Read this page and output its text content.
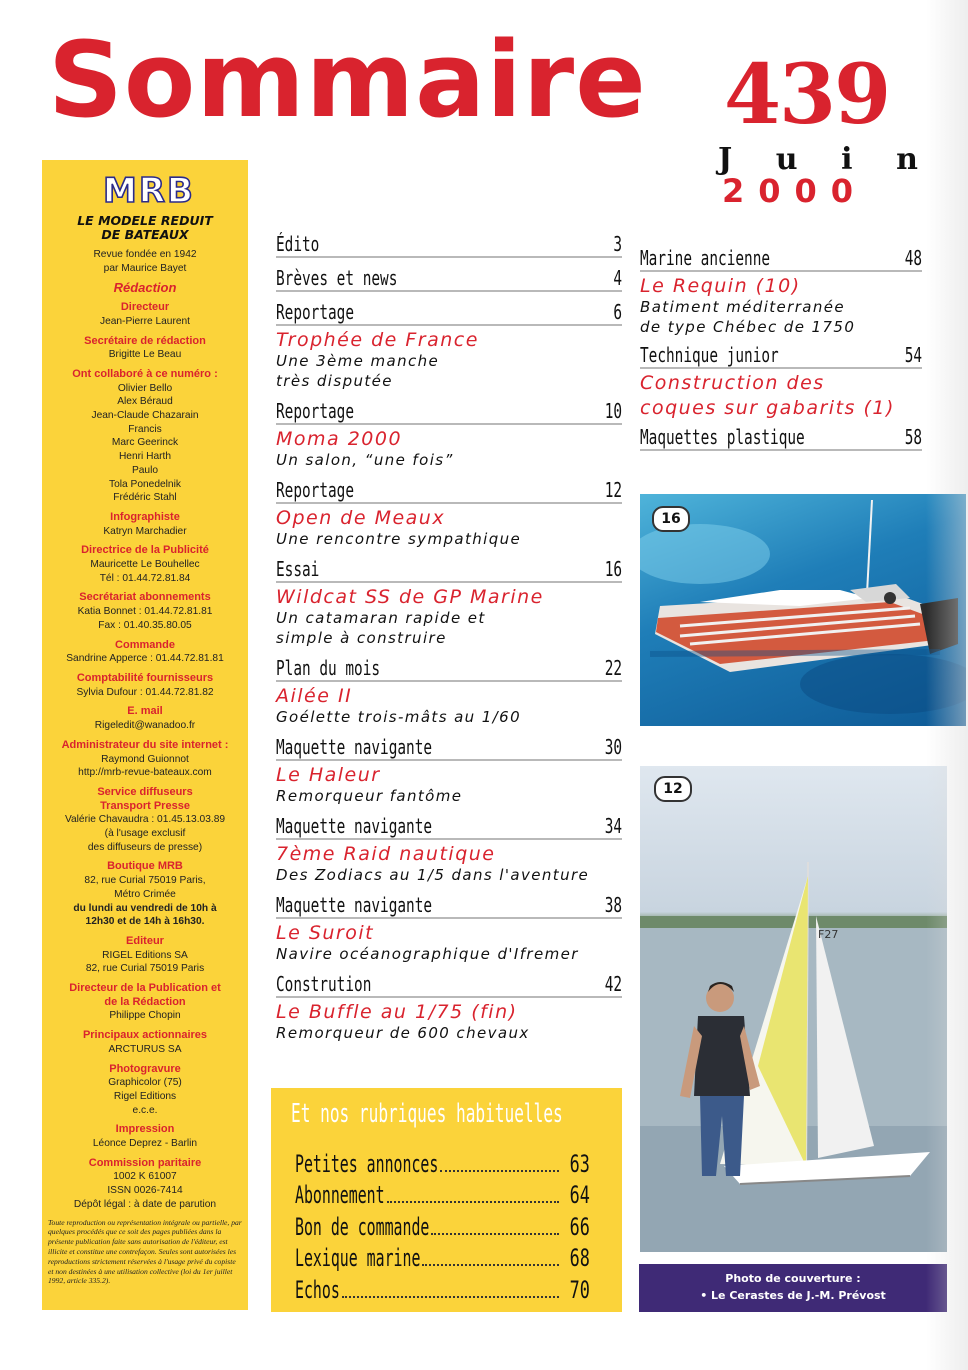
Sommaire 439
J u i n
2000
MRB
LE MODELE REDUIT
DE BATEAUX
Revue fondée en 1942
par Maurice Bayet
Rédaction
Directeur
Jean-Pierre Laurent
Secrétaire de rédaction
Brigitte Le Beau
Ont collaboré à ce numéro :
Olivier Bello
Alex Béraud
Jean-Claude Chazarain
Francis
Marc Geerinck
Henri Harth
Paulo
Tola Ponedelnik
Frédéric Stahl
Infographiste
Katryn Marchadier
Directrice de la Publicité
Mauricette Le Bouhellec
Tél : 01.44.72.81.84
Secrétariat abonnements
Katia Bonnet : 01.44.72.81.81
Fax : 01.40.35.80.05
Commande
Sandrine Apperce : 01.44.72.81.81
Comptabilité fournisseurs
Sylvia Dufour : 01.44.72.81.82
E. mail
Rigeledit@wanadoo.fr
Administrateur du site internet :
Raymond Guionnot
http://mrb-revue-bateaux.com
Service diffuseurs
Transport Presse
Valérie Chavaudra : 01.45.13.03.89
(à l'usage exclusif
des diffuseurs de presse)
Boutique MRB
82, rue Curial 75019 Paris,
Métro Crimée
du lundi au vendredi de 10h à
12h30 et de 14h à 16h30.
Editeur
RIGEL Editions SA
82, rue Curial 75019 Paris
Directeur de la Publication et
de la Rédaction
Philippe Chopin
Principaux actionnaires
ARCTURUS SA
Photogravure
Graphicolor (75)
Rigel Editions
e.c.e.
Impression
Léonce Deprez - Barlin
Commission paritaire
1002 K 61007
ISSN 0026-7414
Dépôt légal : à date de parution
Toute reproduction ou représentation intégrale ou partielle, par quelques procédés que ce soit des pages publiées dans la présente publication faite sans autorisation de l'éditeur, est illicite et constitue une contrefaçon. Seules sont autorisées les reproductions strictement réservées à l'usage privé du copiste et non destinées à une utilisation collective (loi du 1er juillet 1992, article 335.2).
Édito	3
Brèves et news	4
Reportage	6
Trophée de France
Une 3ème manche
très disputée
Reportage	10
Moma 2000
Un salon, “une fois”
Reportage	12
Open de Meaux
Une rencontre sympathique
Essai	16
Wildcat SS de GP Marine
Un catamaran rapide et
simple à construire
Plan du mois	22
Ailée II
Goélette trois-mâts au 1/60
Maquette navigante	30
Le Haleur
Remorqueur fantôme
Maquette navigante	34
7ème Raid nautique
Des Zodiacs au 1/5 dans l'aventure
Maquette navigante	38
Le Suroit
Navire océanographique d'Ifremer
Constrution	42
Le Buffle au 1/75 (fin)
Remorqueur de 600 chevaux
Marine ancienne	48
Le Requin (10)
Batiment méditerranée
de type Chébec de 1750
Technique junior	54
Construction des
coques sur gabarits (1)
Maquettes plastique	58
Et nos rubriques habituelles
Petites annonces	63
Abonnement	64
Bon de commande	66
Lexique marine	68
Echos	70
16
F27
12
Photo de couverture :
• Le Cerastes de J.-M. Prévost
